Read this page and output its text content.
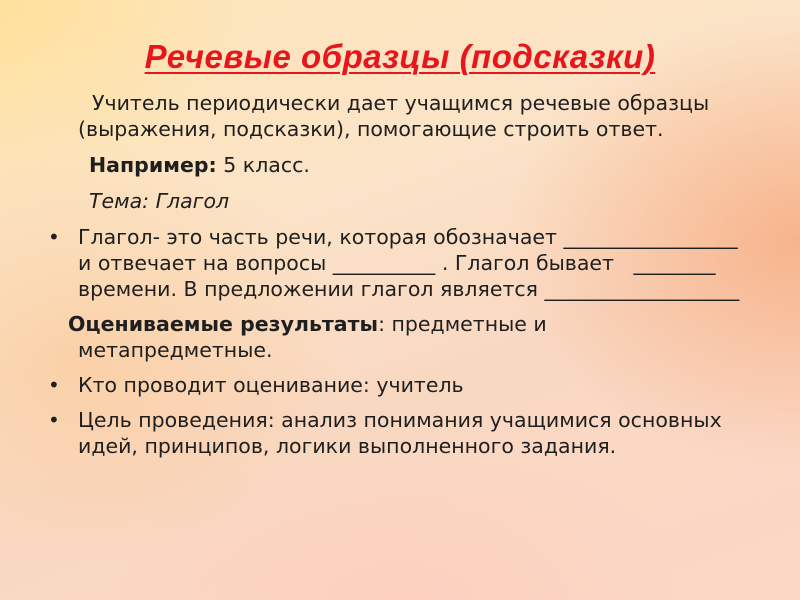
Речевые образцы (подсказки)

Учитель периодически дает учащимся речевые образцы (выражения, подсказки), помогающие строить ответ.

Например: 5 класс.

Тема: Глагол

• Глагол- это часть речи, которая обозначает _________________ и отвечает на вопросы __________ . Глагол бывает   ________ времени. В предложении глагол является ___________________

Оцениваемые результаты: предметные и метапредметные.

• Кто проводит оценивание: учитель
• Цель проведения: анализ понимания учащимися основных идей, принципов, логики выполненного задания.
